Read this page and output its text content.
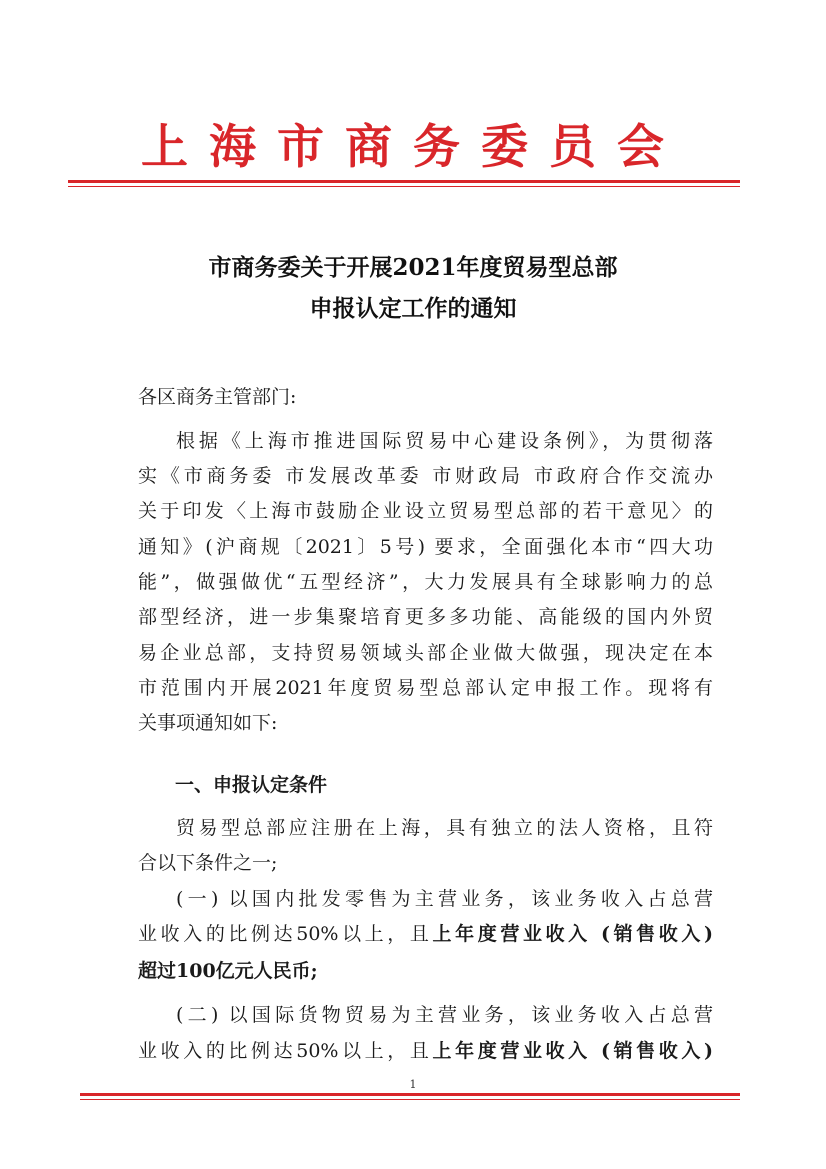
上海市商务委员会
市商务委关于开展2021年度贸易型总部
申报认定工作的通知

各区商务主管部门:

根据《上海市推进国际贸易中心建设条例》，为贯彻落

实《市商务委 市发展改革委 市财政局 市政府合作交流办

关于印发〈上海市鼓励企业设立贸易型总部的若干意见〉的

通知》(沪商规〔2021〕5号) 要求，全面强化本市“四大功

能”，做强做优“五型经济”，大力发展具有全球影响力的总

部型经济，进一步集聚培育更多多功能、高能级的国内外贸

易企业总部，支持贸易领域头部企业做大做强，现决定在本

市范围内开展2021年度贸易型总部认定申报工作。现将有

关事项通知如下:

一、申报认定条件

贸易型总部应注册在上海，具有独立的法人资格，且符

合以下条件之一;

(一) 以国内批发零售为主营业务，该业务收入占总营

业收入的比例达50%以上，且上年度营业收入 (销售收入)

超过100亿元人民币;

(二) 以国际货物贸易为主营业务，该业务收入占总营

业收入的比例达50%以上，且上年度营业收入 (销售收入)

1
